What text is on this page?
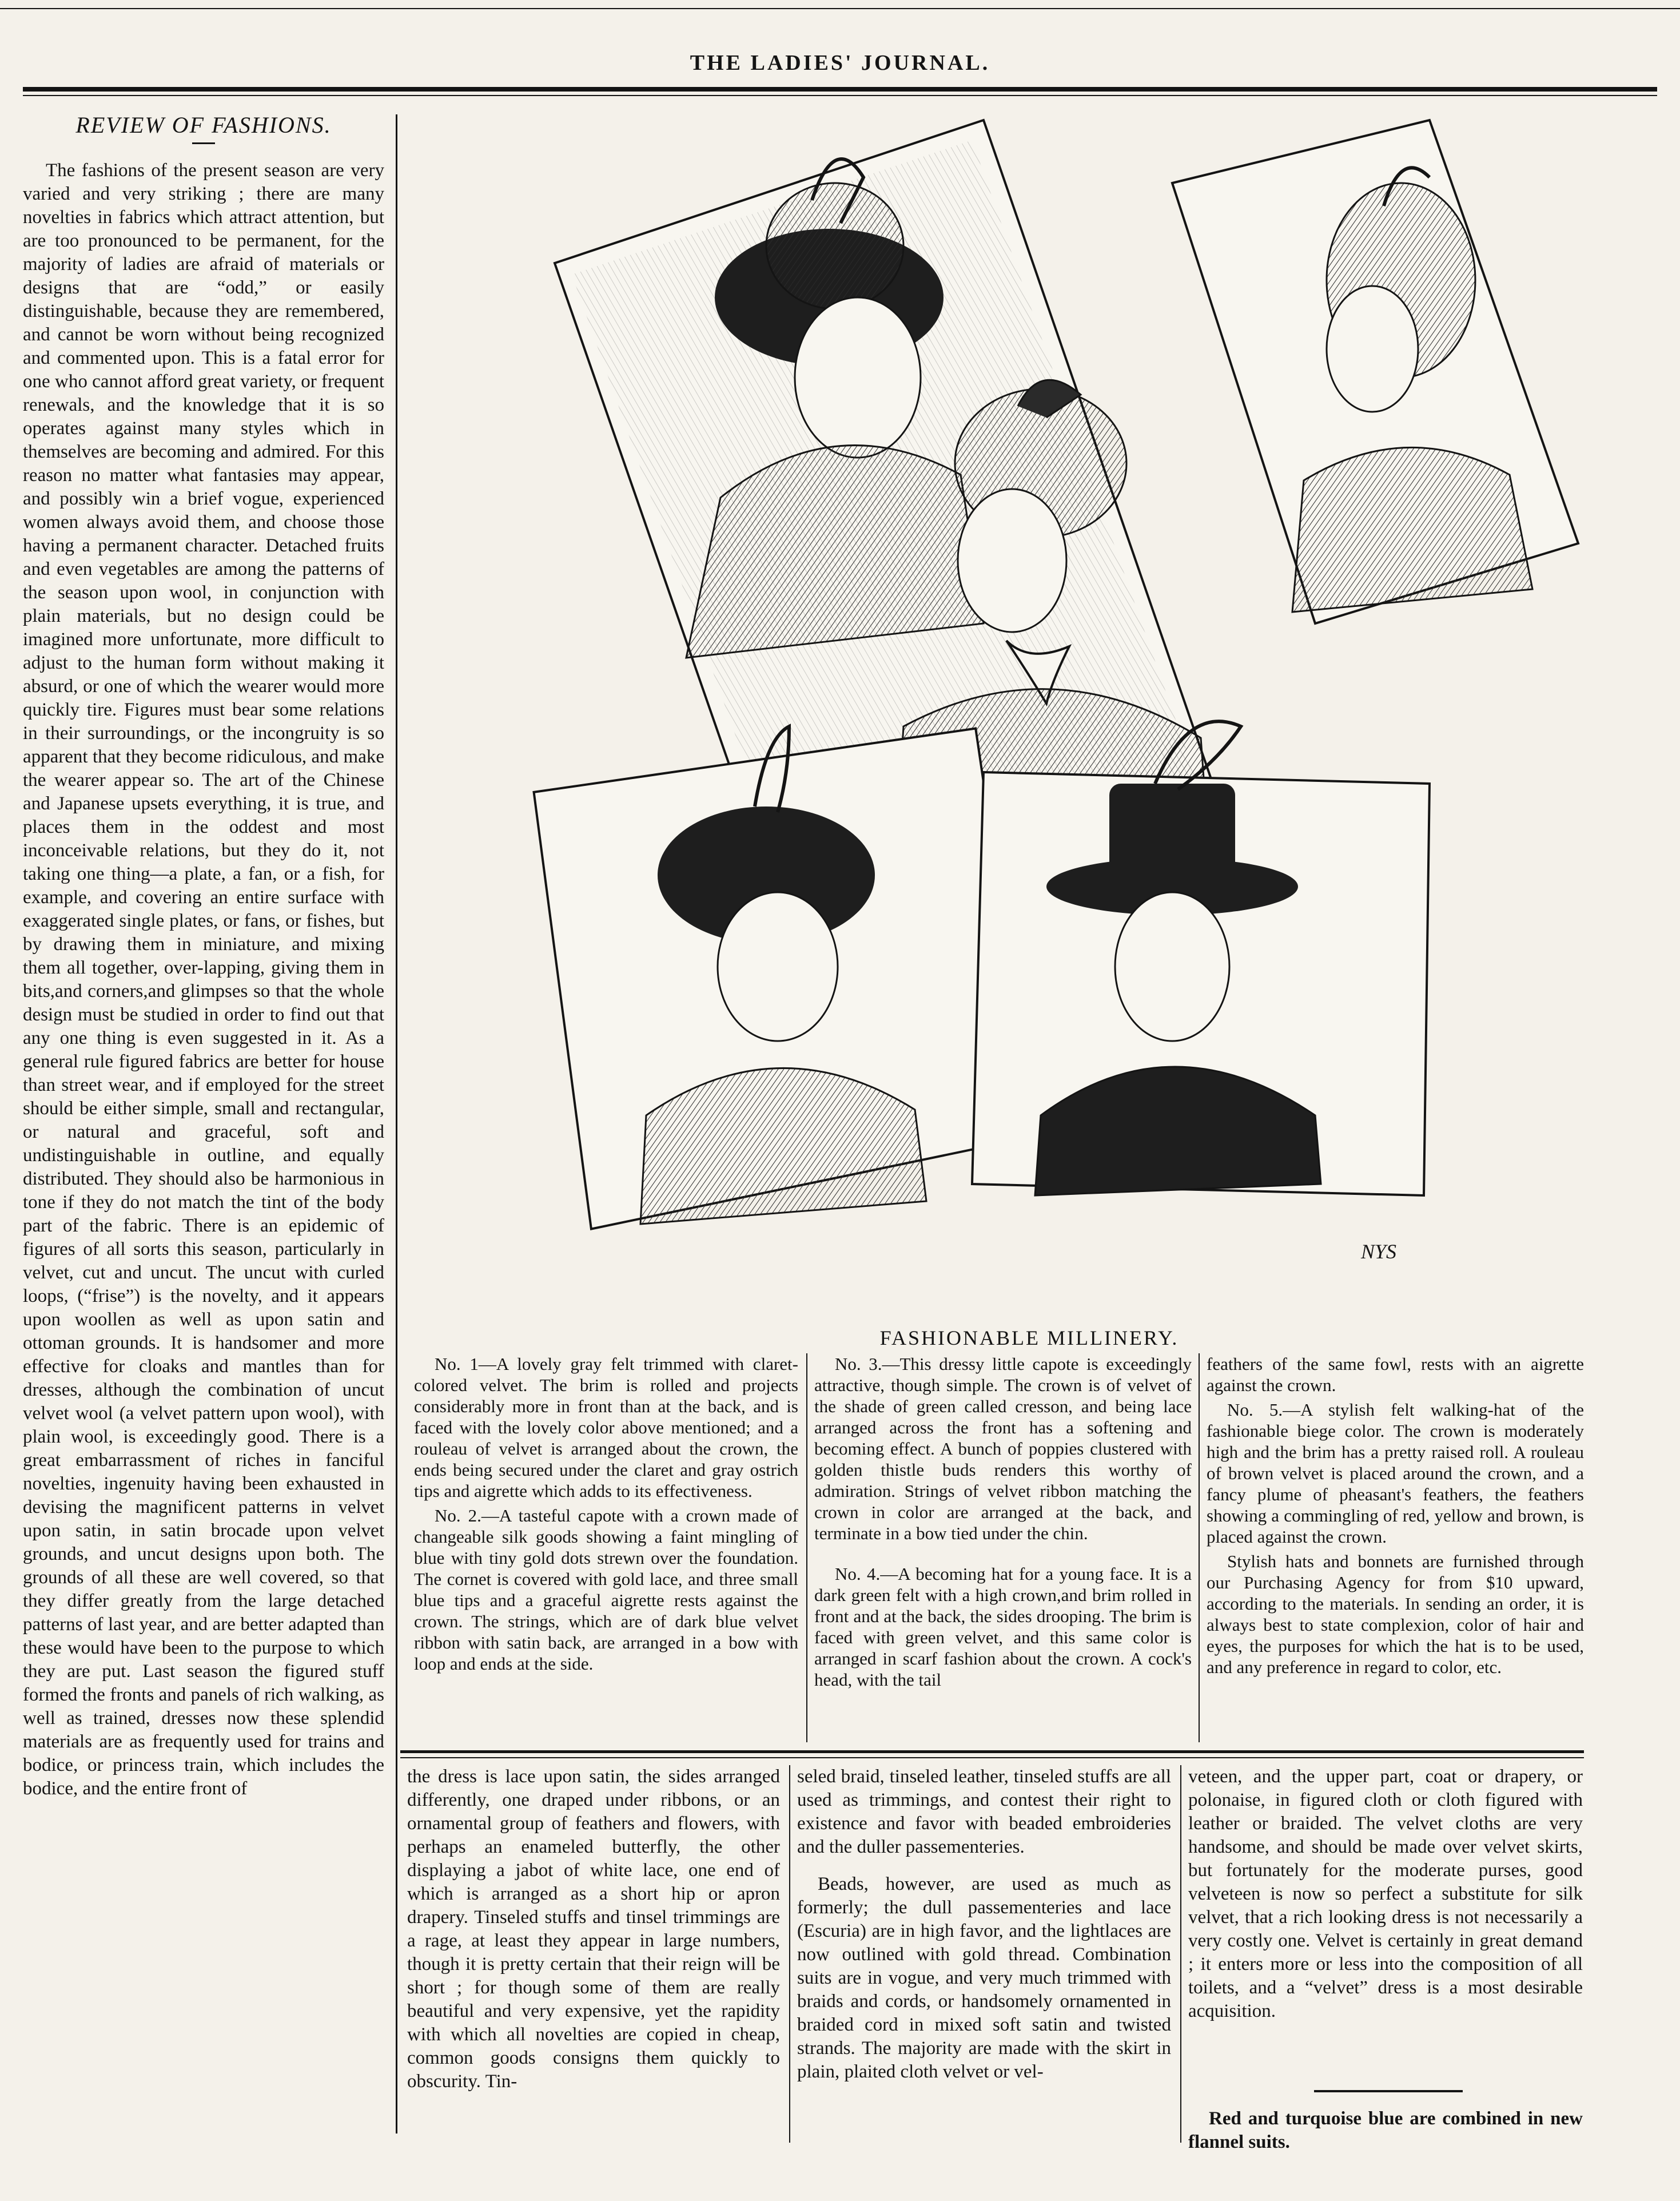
THE LADIES' JOURNAL.
REVIEW OF FASHIONS.

The fashions of the present season are very varied and very striking ; there are many novelties in fabrics which attract attention, but are too pronounced to be permanent, for the majority of ladies are afraid of materials or designs that are “odd,” or easily distinguishable, because they are remembered, and cannot be worn without being recognized and commented upon. This is a fatal error for one who cannot afford great variety, or frequent renewals, and the knowledge that it is so operates against many styles which in themselves are becoming and admired. For this reason no matter what fantasies may appear, and possibly win a brief vogue, experienced women always avoid them, and choose those having a permanent character. Detached fruits and even vegetables are among the patterns of the season upon wool, in conjunction with plain materials, but no design could be imagined more unfortunate, more difficult to adjust to the human form without making it absurd, or one of which the wearer would more quickly tire. Figures must bear some relations in their surroundings, or the incongruity is so apparent that they become ridiculous, and make the wearer appear so. The art of the Chinese and Japanese upsets everything, it is true, and places them in the oddest and most inconceivable relations, but they do it, not taking one thing—a plate, a fan, or a fish, for example, and covering an entire surface with exaggerated single plates, or fans, or fishes, but by drawing them in miniature, and mixing them all together, over-lapping, giving them in bits,and corners,and glimpses so that the whole design must be studied in order to find out that any one thing is even suggested in it. As a general rule figured fabrics are better for house than street wear, and if employed for the street should be either simple, small and rectangular, or natural and graceful, soft and undistinguishable in outline, and equally distributed. They should also be harmonious in tone if they do not match the tint of the body part of the fabric. There is an epidemic of figures of all sorts this season, particularly in velvet, cut and uncut. The uncut with curled loops, (“frise”) is the novelty, and it appears upon woollen as well as upon satin and ottoman grounds. It is handsomer and more effective for cloaks and mantles than for dresses, although the combination of uncut velvet wool (a velvet pattern upon wool), with plain wool, is exceedingly good. There is a great embarrassment of riches in fanciful novelties, ingenuity having been exhausted in devising the magnificent patterns in velvet upon satin, in satin brocade upon velvet grounds, and uncut designs upon both. The grounds of all these are well covered, so that they differ greatly from the large detached patterns of last year, and are better adapted than these would have been to the purpose to which they are put. Last season the figured stuff formed the fronts and panels of rich walking, as well as trained, dresses now these splendid materials are as frequently used for trains and bodice, or princess train, which includes the bodice, and the entire front of

NYS
FASHIONABLE MILLINERY.

No. 1—A lovely gray felt trimmed with claret-colored velvet. The brim is rolled and projects considerably more in front than at the back, and is faced with the lovely color above mentioned; and a rouleau of velvet is arranged about the crown, the ends being secured under the claret and gray ostrich tips and aigrette which adds to its effectiveness.

No. 2.—A tasteful capote with a crown made of changeable silk goods showing a faint mingling of blue with tiny gold dots strewn over the foundation. The cornet is covered with gold lace, and three small blue tips and a graceful aigrette rests against the crown. The strings, which are of dark blue velvet ribbon with satin back, are arranged in a bow with loop and ends at the side.

No. 3.—This dressy little capote is exceedingly attractive, though simple. The crown is of velvet of the shade of green called cresson, and being lace arranged across the front has a softening and becoming effect. A bunch of poppies clustered with golden thistle buds renders this worthy of admiration. Strings of velvet ribbon matching the crown in color are arranged at the back, and terminate in a bow tied under the chin.

No. 4.—A becoming hat for a young face. It is a dark green felt with a high crown,and brim rolled in front and at the back, the sides drooping. The brim is faced with green velvet, and this same color is arranged in scarf fashion about the crown. A cock's head, with the tail

feathers of the same fowl, rests with an aigrette against the crown.

No. 5.—A stylish felt walking-hat of the fashionable biege color. The crown is moderately high and the brim has a pretty raised roll. A rouleau of brown velvet is placed around the crown, and a fancy plume of pheasant's feathers, the feathers showing a commingling of red, yellow and brown, is placed against the crown.

Stylish hats and bonnets are furnished through our Purchasing Agency for from $10 upward, according to the materials. In sending an order, it is always best to state complexion, color of hair and eyes, the purposes for which the hat is to be used, and any preference in regard to color, etc.

the dress is lace upon satin, the sides arranged differently, one draped under ribbons, or an ornamental group of feathers and flowers, with perhaps an enameled butterfly, the other displaying a jabot of white lace, one end of which is arranged as a short hip or apron drapery. Tinseled stuffs and tinsel trimmings are a rage, at least they appear in large numbers, though it is pretty certain that their reign will be short ; for though some of them are really beautiful and very expensive, yet the rapidity with which all novelties are copied in cheap, common goods consigns them quickly to obscurity. Tin-

seled braid, tinseled leather, tinseled stuffs are all used as trimmings, and contest their right to existence and favor with beaded embroideries and the duller passementeries.

Beads, however, are used as much as formerly; the dull passementeries and lace (Escuria) are in high favor, and the lightlaces are now outlined with gold thread. Combination suits are in vogue, and very much trimmed with braids and cords, or handsomely ornamented in braided cord in mixed soft satin and twisted strands. The majority are made with the skirt in plain, plaited cloth velvet or vel-

veteen, and the upper part, coat or drapery, or polonaise, in figured cloth or cloth figured with leather or braided. The velvet cloths are very handsome, and should be made over velvet skirts, but fortunately for the moderate purses, good velveteen is now so perfect a substitute for silk velvet, that a rich looking dress is not necessarily a very costly one. Velvet is certainly in great demand ; it enters more or less into the composition of all toilets, and a “velvet” dress is a most desirable acquisition.

Red and turquoise blue are combined in new flannel suits.
